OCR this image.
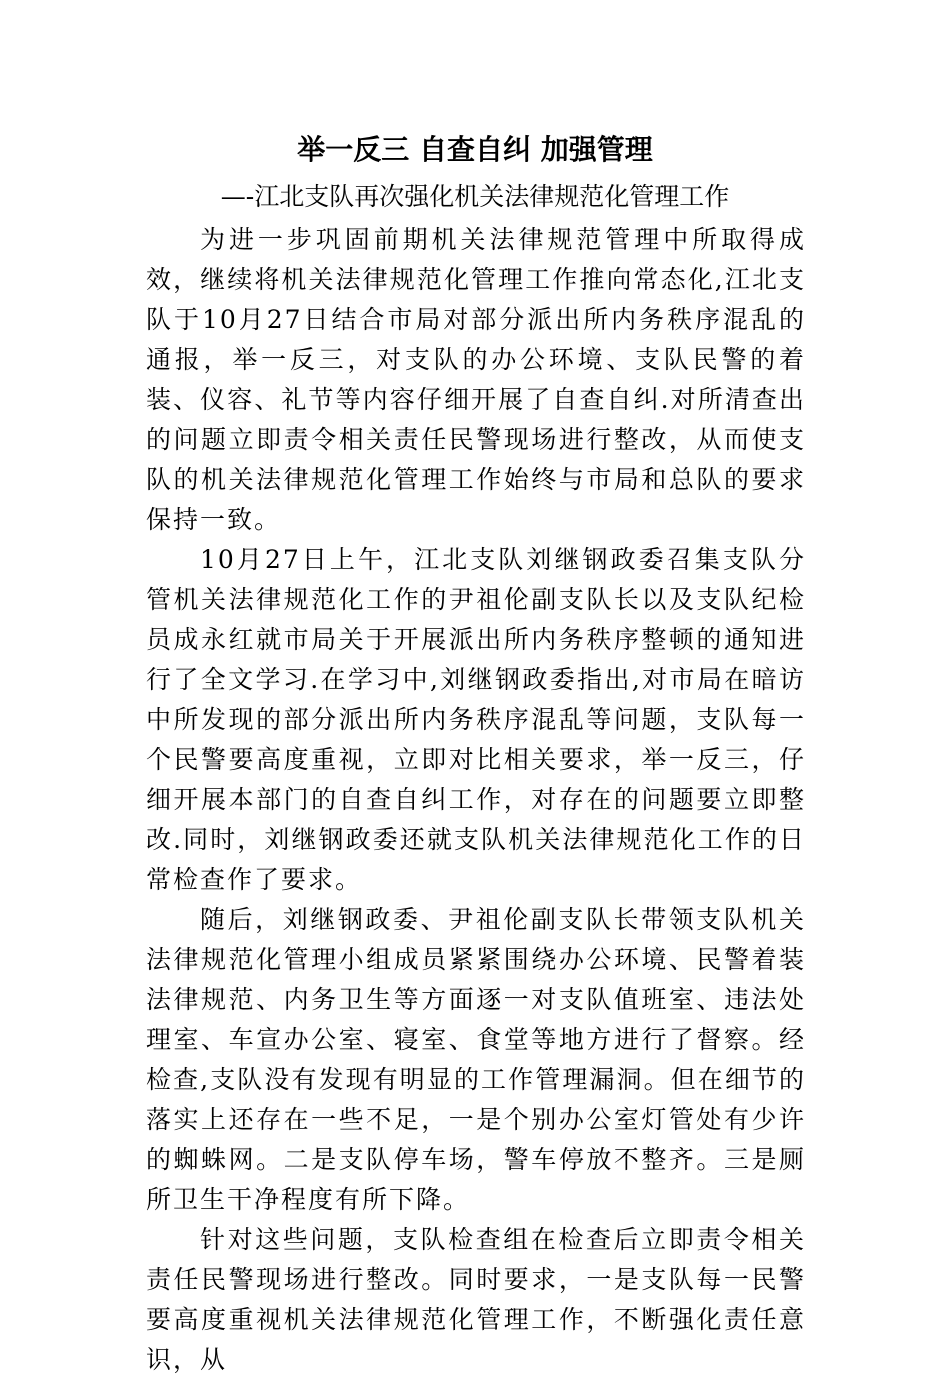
举一反三 自查自纠 加强管理
—-江北支队再次强化机关法律规范化管理工作

为进一步巩固前期机关法律规范管理中所取得成效，继续将机关法律规范化管理工作推向常态化,江北支队于10月27日结合市局对部分派出所内务秩序混乱的通报，举一反三，对支队的办公环境、支队民警的着装、仪容、礼节等内容仔细开展了自查自纠.对所清查出的问题立即责令相关责任民警现场进行整改，从而使支队的机关法律规范化管理工作始终与市局和总队的要求保持一致。

10月27日上午，江北支队刘继钢政委召集支队分管机关法律规范化工作的尹祖伦副支队长以及支队纪检员成永红就市局关于开展派出所内务秩序整顿的通知进行了全文学习.在学习中,刘继钢政委指出,对市局在暗访中所发现的部分派出所内务秩序混乱等问题，支队每一个民警要高度重视，立即对比相关要求，举一反三，仔细开展本部门的自查自纠工作，对存在的问题要立即整改.同时，刘继钢政委还就支队机关法律规范化工作的日常检查作了要求。

随后，刘继钢政委、尹祖伦副支队长带领支队机关法律规范化管理小组成员紧紧围绕办公环境、民警着装法律规范、内务卫生等方面逐一对支队值班室、违法处理室、车宣办公室、寝室、食堂等地方进行了督察。经检查,支队没有发现有明显的工作管理漏洞。但在细节的落实上还存在一些不足，一是个别办公室灯管处有少许的蜘蛛网。二是支队停车场，警车停放不整齐。三是厕所卫生干净程度有所下降。

针对这些问题，支队检查组在检查后立即责令相关责任民警现场进行整改。同时要求，一是支队每一民警要高度重视机关法律规范化管理工作，不断强化责任意识，从
